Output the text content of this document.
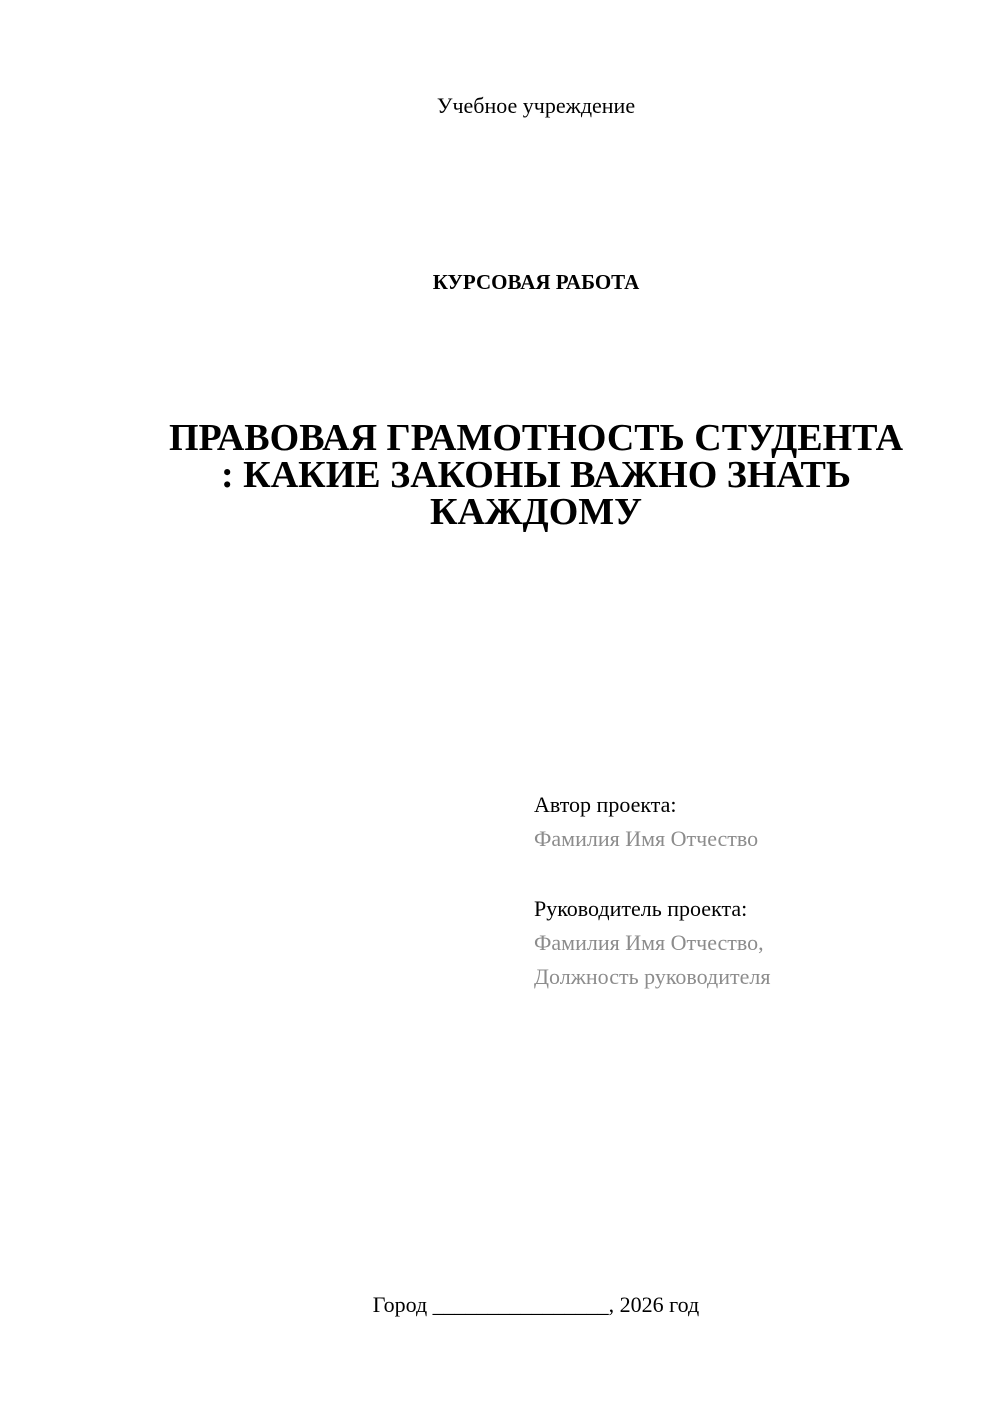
Учебное учреждение
КУРСОВАЯ РАБОТА
ПРАВОВАЯ ГРАМОТНОСТЬ СТУДЕНТА
: КАКИЕ ЗАКОНЫ ВАЖНО ЗНАТЬ
КАЖДОМУ
Автор проекта:
Фамилия Имя Отчество
Руководитель проекта:
Фамилия Имя Отчество,
Должность руководителя
Город ________________, 2026 год
